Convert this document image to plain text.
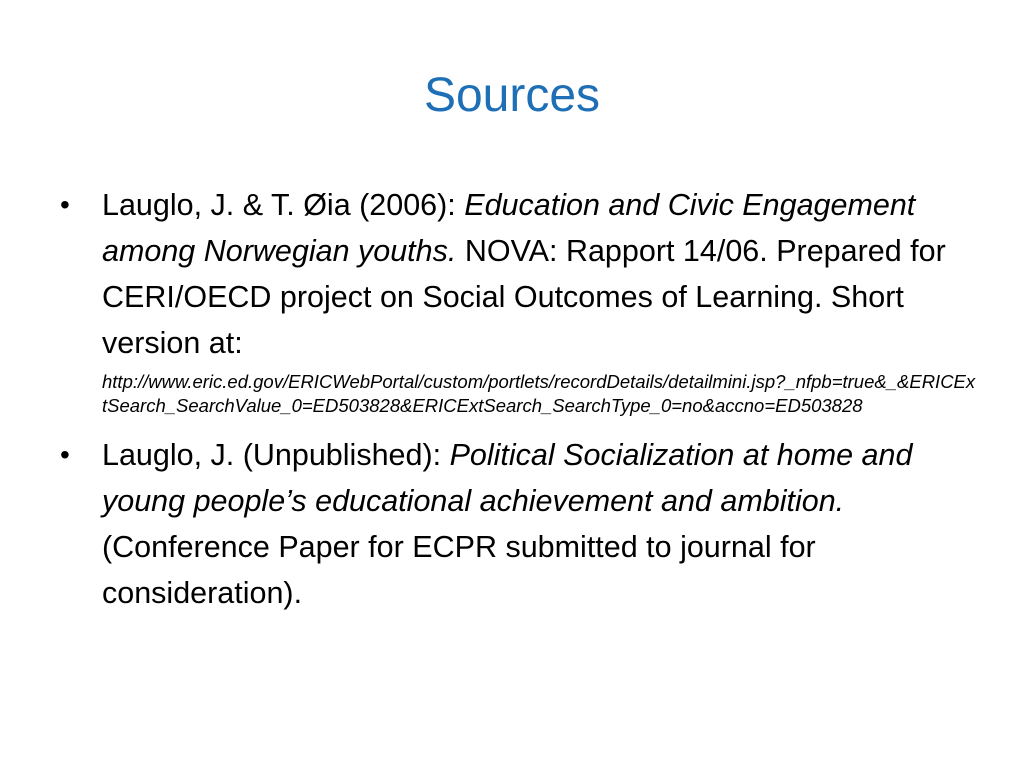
Sources
• Lauglo, J. & T. Øia (2006): Education and Civic Engagement among Norwegian youths. NOVA: Rapport 14/06. Prepared for CERI/OECD project on Social Outcomes of Learning. Short version at:
http://www.eric.ed.gov/ERICWebPortal/custom/portlets/recordDetails/detailmini.jsp?_nfpb=true&_&ERICExtSearch_SearchValue_0=ED503828&ERICExtSearch_SearchType_0=no&accno=ED503828
• Lauglo, J. (Unpublished): Political Socialization at home and young people’s educational achievement and ambition. (Conference Paper for ECPR submitted to journal for consideration).
